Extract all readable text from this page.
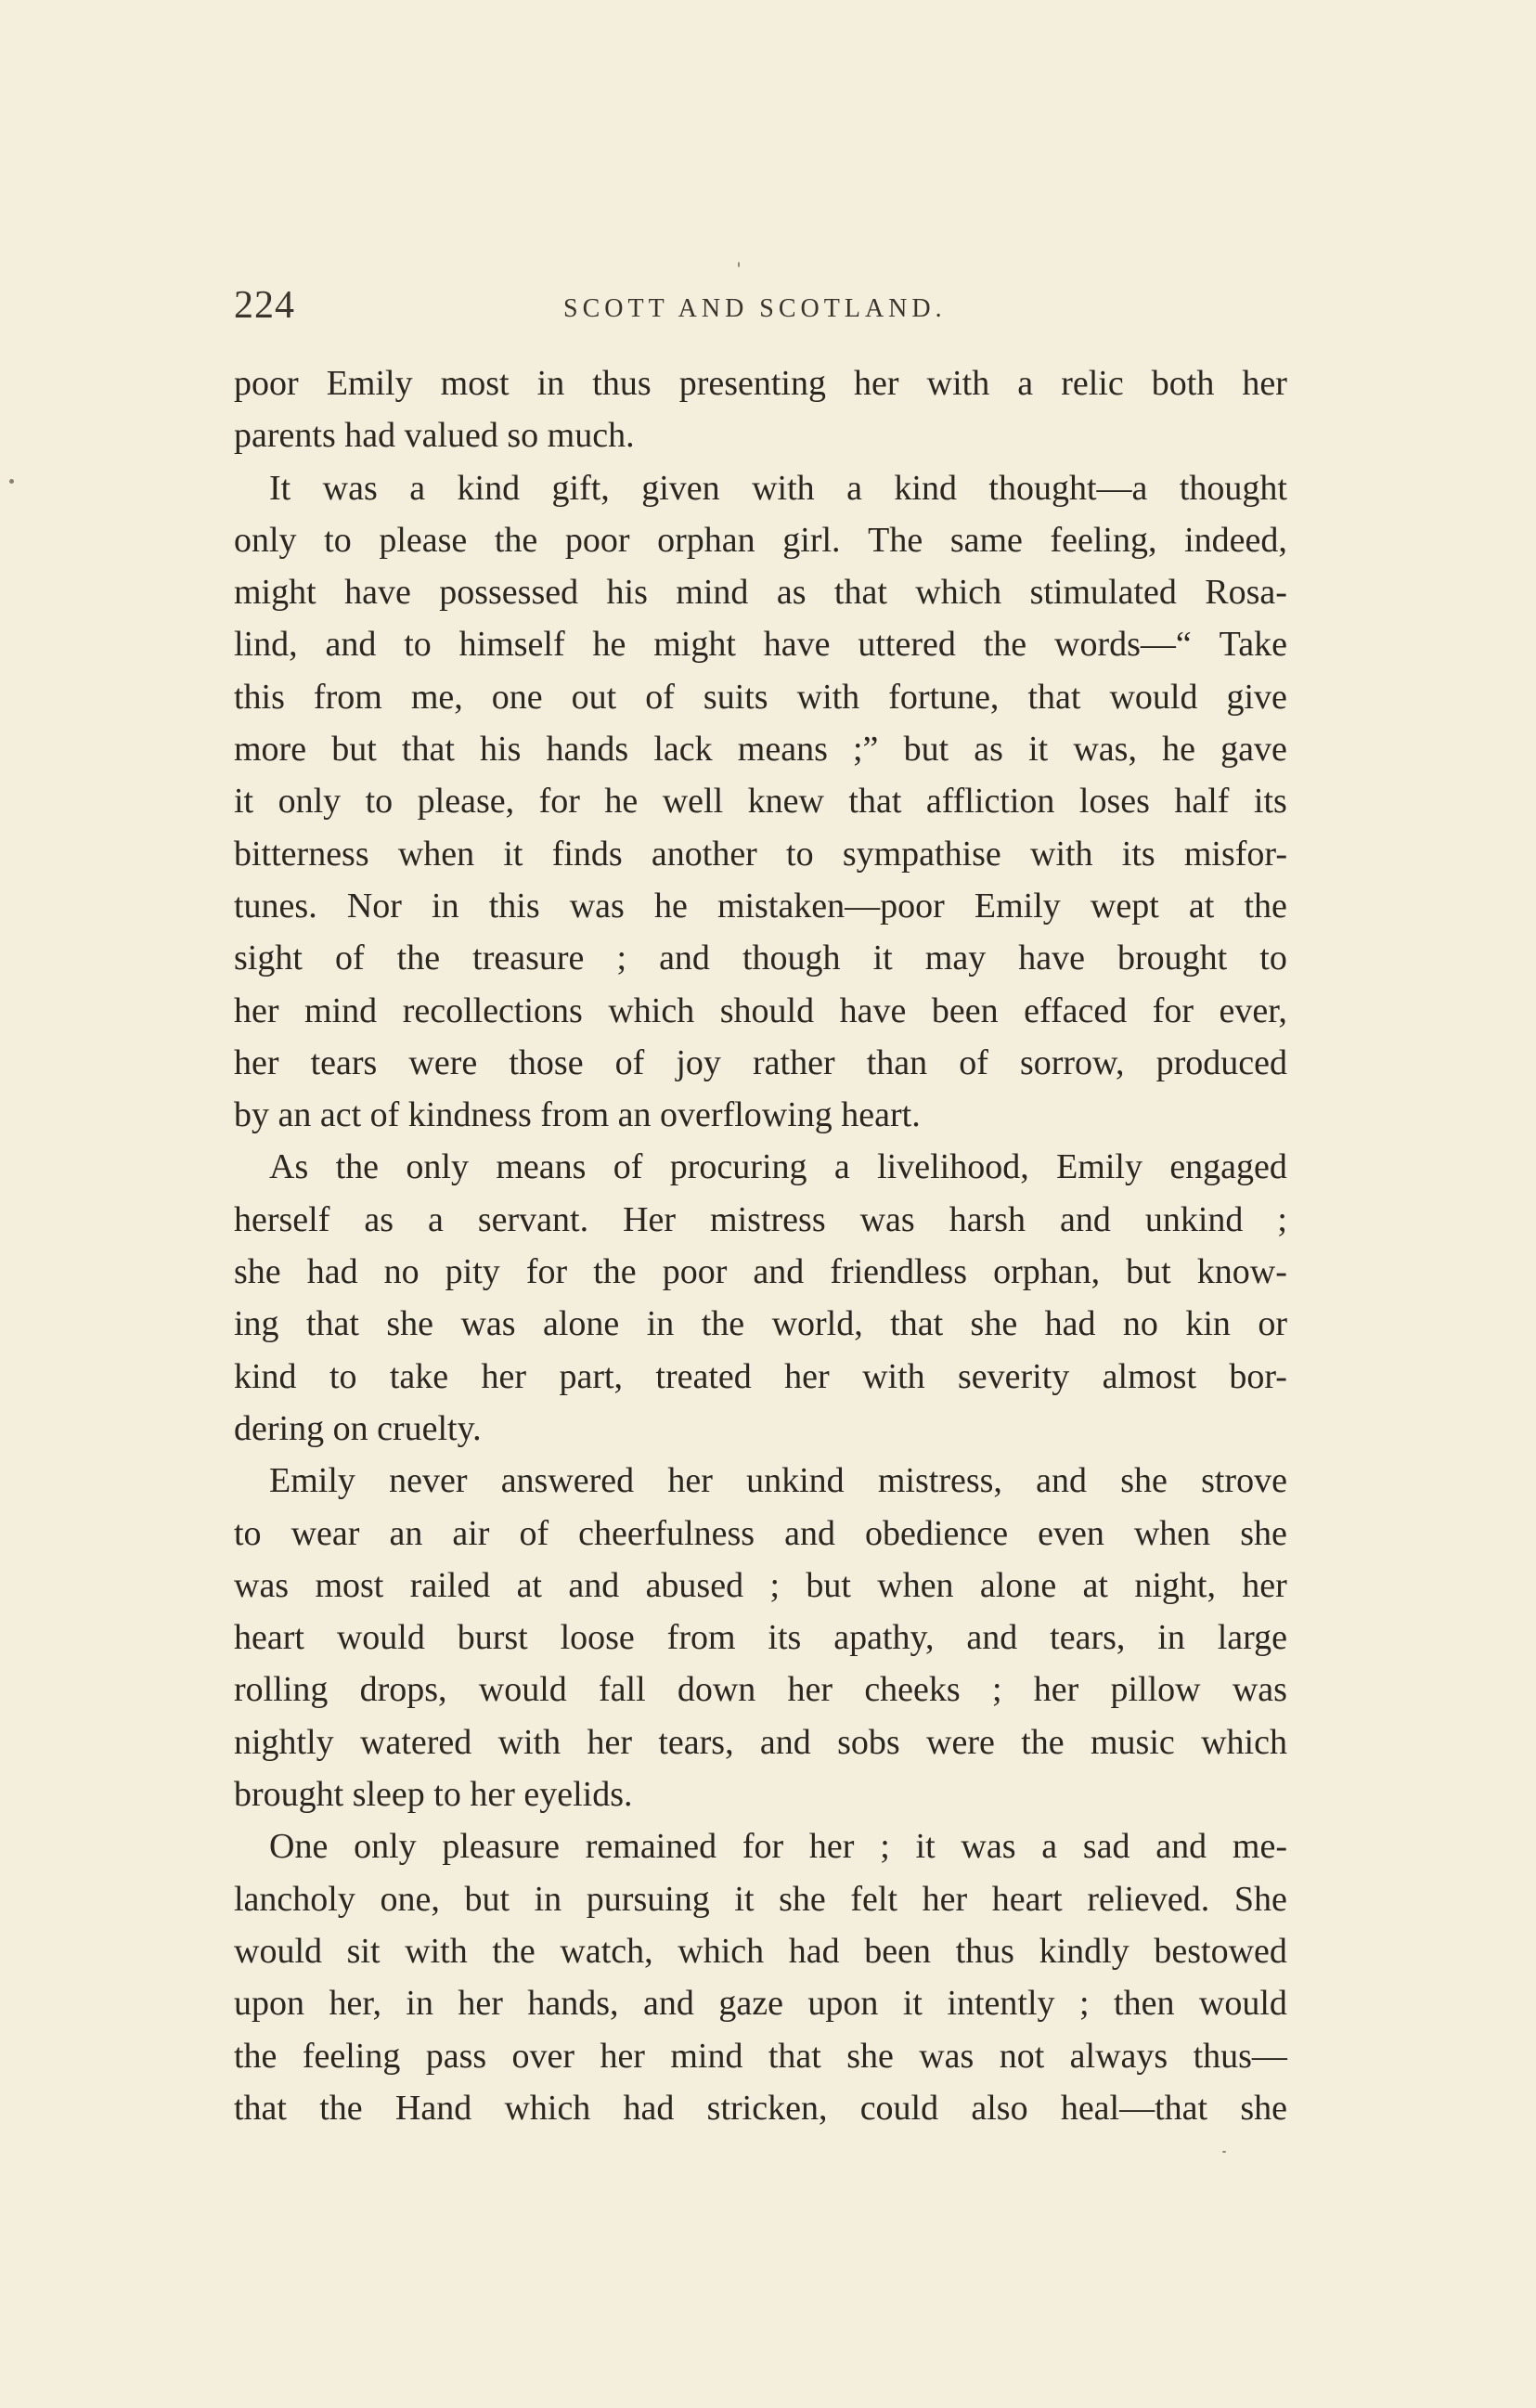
224	SCOTT AND SCOTLAND.
poor Emily most in thus presenting her with a relic both her
parents had valued so much.
It was a kind gift, given with a kind thought—a thought
only to please the poor orphan girl. The same feeling, indeed,
might have possessed his mind as that which stimulated Rosa-
lind, and to himself he might have uttered the words—“ Take
this from me, one out of suits with fortune, that would give
more but that his hands lack means ;” but as it was, he gave
it only to please, for he well knew that affliction loses half its
bitterness when it finds another to sympathise with its misfor-
tunes. Nor in this was he mistaken—poor Emily wept at the
sight of the treasure ; and though it may have brought to
her mind recollections which should have been effaced for ever,
her tears were those of joy rather than of sorrow, produced
by an act of kindness from an overflowing heart.
As the only means of procuring a livelihood, Emily engaged
herself as a servant. Her mistress was harsh and unkind ;
she had no pity for the poor and friendless orphan, but know-
ing that she was alone in the world, that she had no kin or
kind to take her part, treated her with severity almost bor-
dering on cruelty.
Emily never answered her unkind mistress, and she strove
to wear an air of cheerfulness and obedience even when she
was most railed at and abused ; but when alone at night, her
heart would burst loose from its apathy, and tears, in large
rolling drops, would fall down her cheeks ; her pillow was
nightly watered with her tears, and sobs were the music which
brought sleep to her eyelids.
One only pleasure remained for her ; it was a sad and me-
lancholy one, but in pursuing it she felt her heart relieved. She
would sit with the watch, which had been thus kindly bestowed
upon her, in her hands, and gaze upon it intently ; then would
the feeling pass over her mind that she was not always thus—
that the Hand which had stricken, could also heal—that she
